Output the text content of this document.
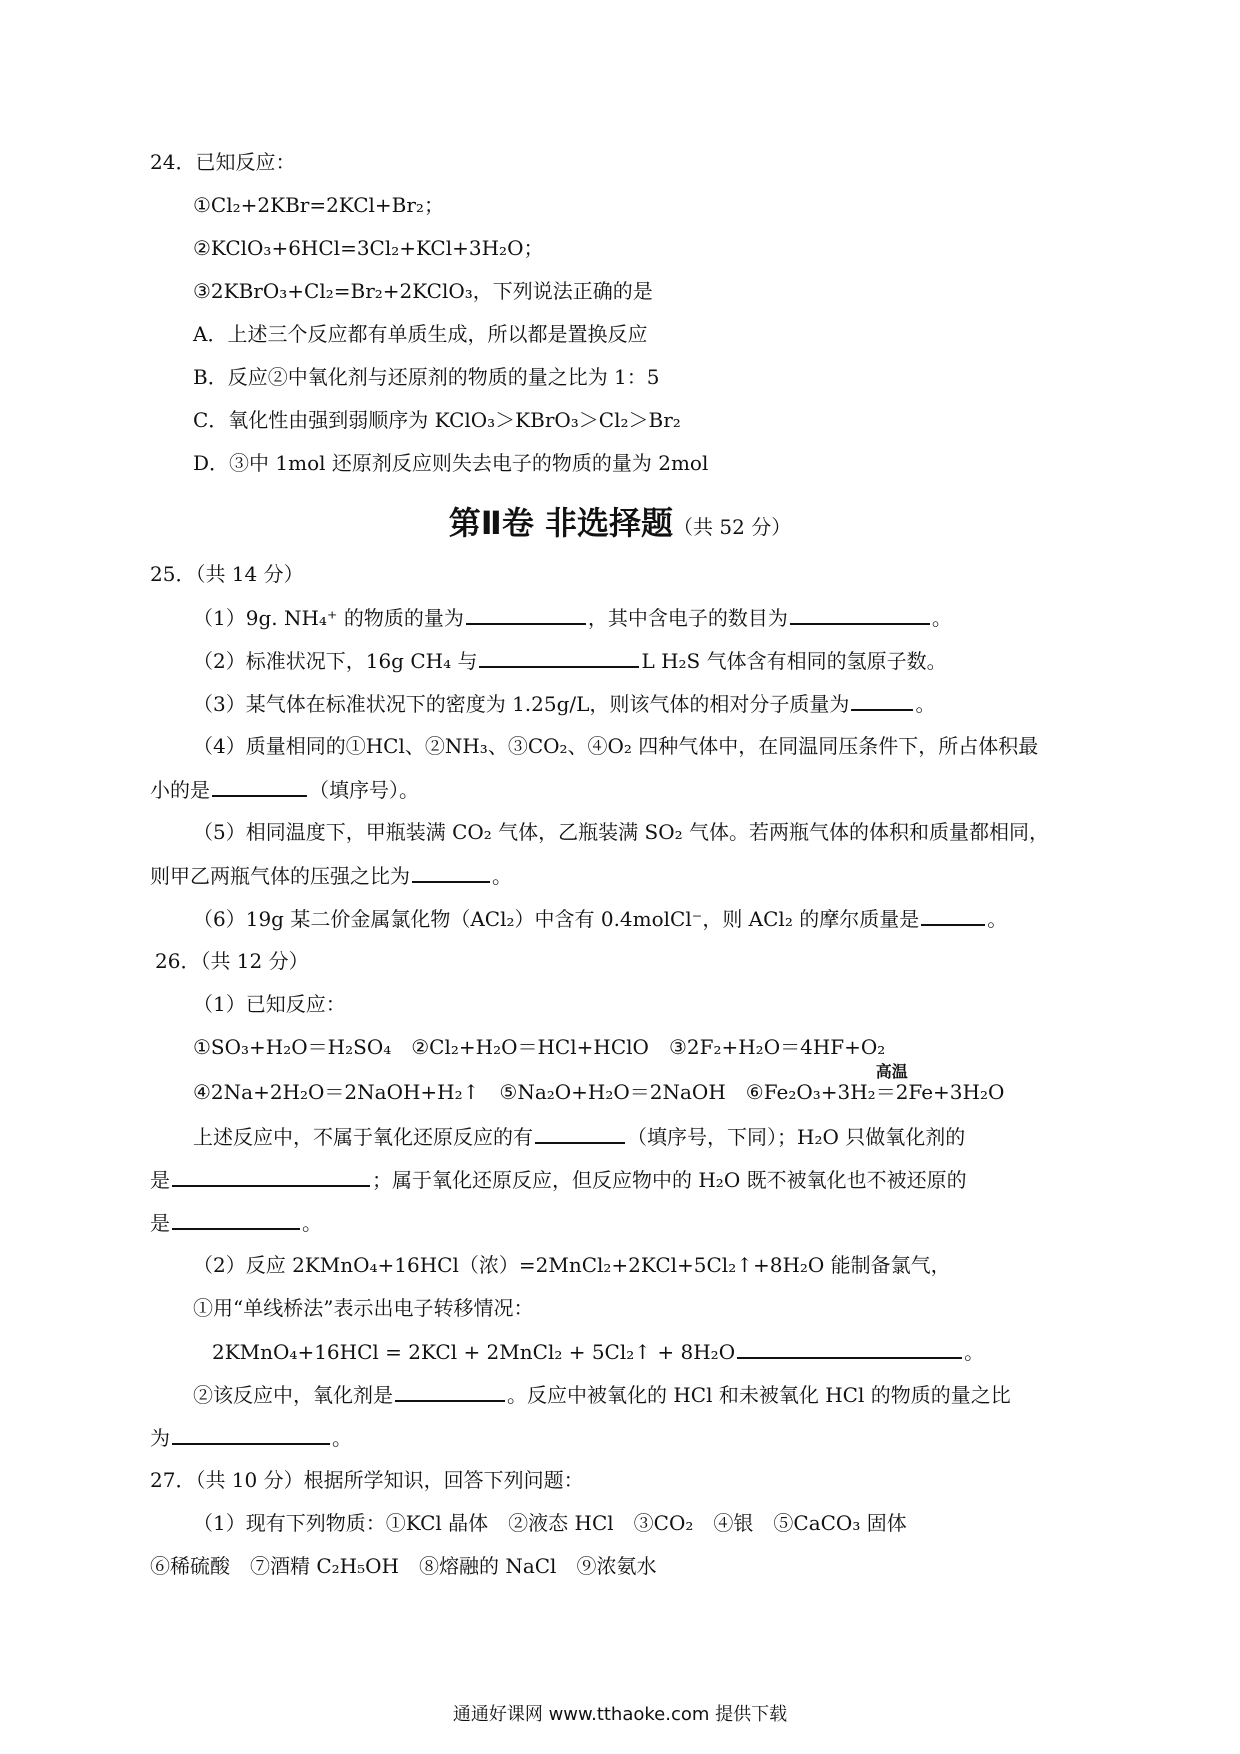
24．已知反应：
①Cl₂+2KBr=2KCl+Br₂；
②KClO₃+6HCl=3Cl₂+KCl+3H₂O；
③2KBrO₃+Cl₂=Br₂+2KClO₃，下列说法正确的是
A．上述三个反应都有单质生成，所以都是置换反应
B．反应②中氧化剂与还原剂的物质的量之比为 1：5
C．氧化性由强到弱顺序为 KClO₃＞KBrO₃＞Cl₂＞Br₂
D．③中 1mol 还原剂反应则失去电子的物质的量为 2mol
第Ⅱ卷 非选择题（共 52 分）
25．（共 14 分）
（1）9g. NH₄⁺ 的物质的量为	，其中含电子的数目为	。
（2）标准状况下，16g CH₄ 与	L H₂S 气体含有相同的氢原子数。
（3）某气体在标准状况下的密度为 1.25g/L，则该气体的相对分子质量为	。
（4）质量相同的①HCl、②NH₃、③CO₂、④O₂ 四种气体中，在同温同压条件下，所占体积最
小的是	（填序号）。
（5）相同温度下，甲瓶装满 CO₂ 气体，乙瓶装满 SO₂ 气体。若两瓶气体的体积和质量都相同，
则甲乙两瓶气体的压强之比为	。
（6）19g 某二价金属氯化物（ACl₂）中含有 0.4molCl⁻，则 ACl₂ 的摩尔质量是	。
26．（共 12 分）
（1）已知反应：
①SO₃+H₂O＝H₂SO₄　 ②Cl₂+H₂O＝HCl+HClO　 ③2F₂+H₂O＝4HF+O₂
④2Na+2H₂O＝2NaOH+H₂↑　 ⑤Na₂O+H₂O＝2NaOH　 ⑥Fe₂O₃+3H₂
高温
＝2Fe+3H₂O
上述反应中，不属于氧化还原反应的有	（填序号，下同）；H₂O 只做氧化剂的
是	；属于氧化还原反应，但反应物中的 H₂O 既不被氧化也不被还原的
是	。
（2）反应 2KMnO₄+16HCl（浓）=2MnCl₂+2KCl+5Cl₂↑+8H₂O 能制备氯气，
①用“单线桥法”表示出电子转移情况：
2KMnO₄+16HCl = 2KCl + 2MnCl₂ + 5Cl₂↑ + 8H₂O	。
②该反应中，氧化剂是	。反应中被氧化的 HCl 和未被氧化 HCl 的物质的量之比
为	。
27．（共 10 分）根据所学知识，回答下列问题：
（1）现有下列物质：①KCl 晶体　②液态 HCl　③CO₂　④银　⑤CaCO₃ 固体
⑥稀硫酸　⑦酒精 C₂H₅OH　⑧熔融的 NaCl　⑨浓氨水
通通好课网 www.tthaoke.com 提供下载
